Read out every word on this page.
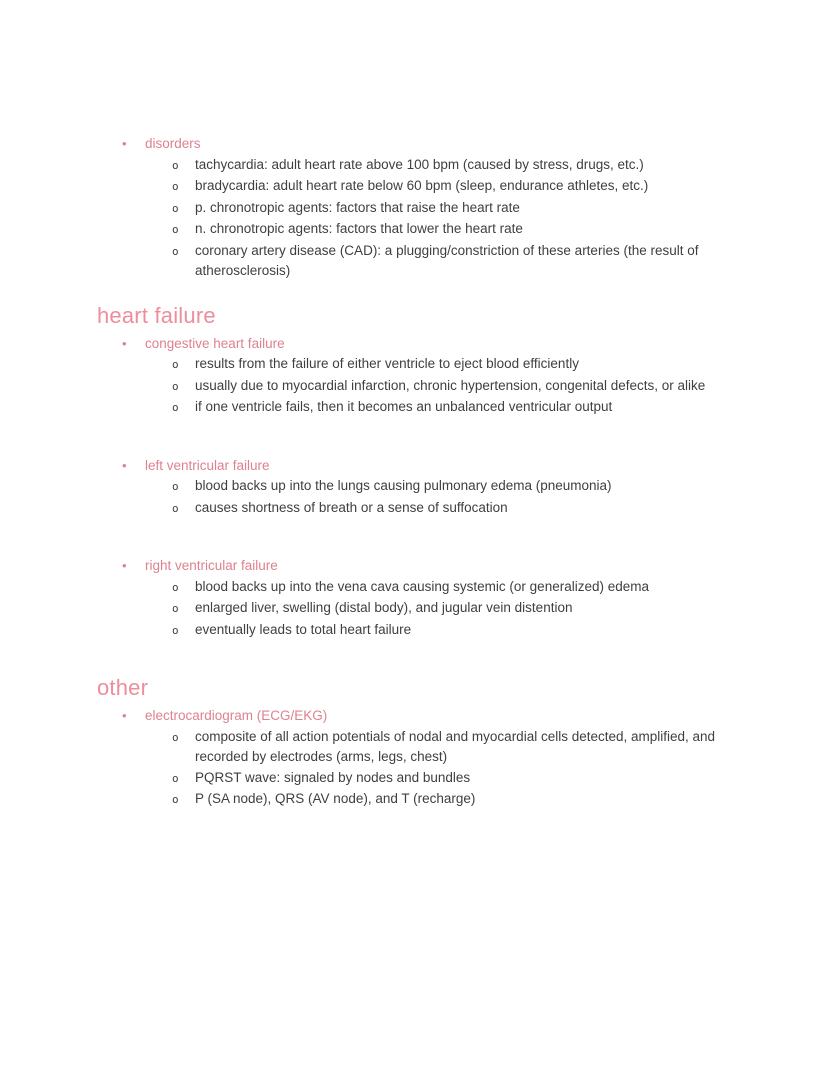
•	disorders
o	tachycardia: adult heart rate above 100 bpm (caused by stress, drugs, etc.)
o	bradycardia: adult heart rate below 60 bpm (sleep, endurance athletes, etc.)
o	p. chronotropic agents: factors that raise the heart rate
o	n. chronotropic agents: factors that lower the heart rate
o	coronary artery disease (CAD): a plugging/constriction of these arteries (the result of atherosclerosis)
heart failure
•	congestive heart failure
o	results from the failure of either ventricle to eject blood efficiently
o	usually due to myocardial infarction, chronic hypertension, congenital defects, or alike
o	if one ventricle fails, then it becomes an unbalanced ventricular output
•	left ventricular failure
o	blood backs up into the lungs causing pulmonary edema (pneumonia)
o	causes shortness of breath or a sense of suffocation
•	right ventricular failure
o	blood backs up into the vena cava causing systemic (or generalized) edema
o	enlarged liver, swelling (distal body), and jugular vein distention
o	eventually leads to total heart failure
other
•	electrocardiogram (ECG/EKG)
o	composite of all action potentials of nodal and myocardial cells detected, amplified, and recorded by electrodes (arms, legs, chest)
o	PQRST wave: signaled by nodes and bundles
o	P (SA node), QRS (AV node), and T (recharge)
